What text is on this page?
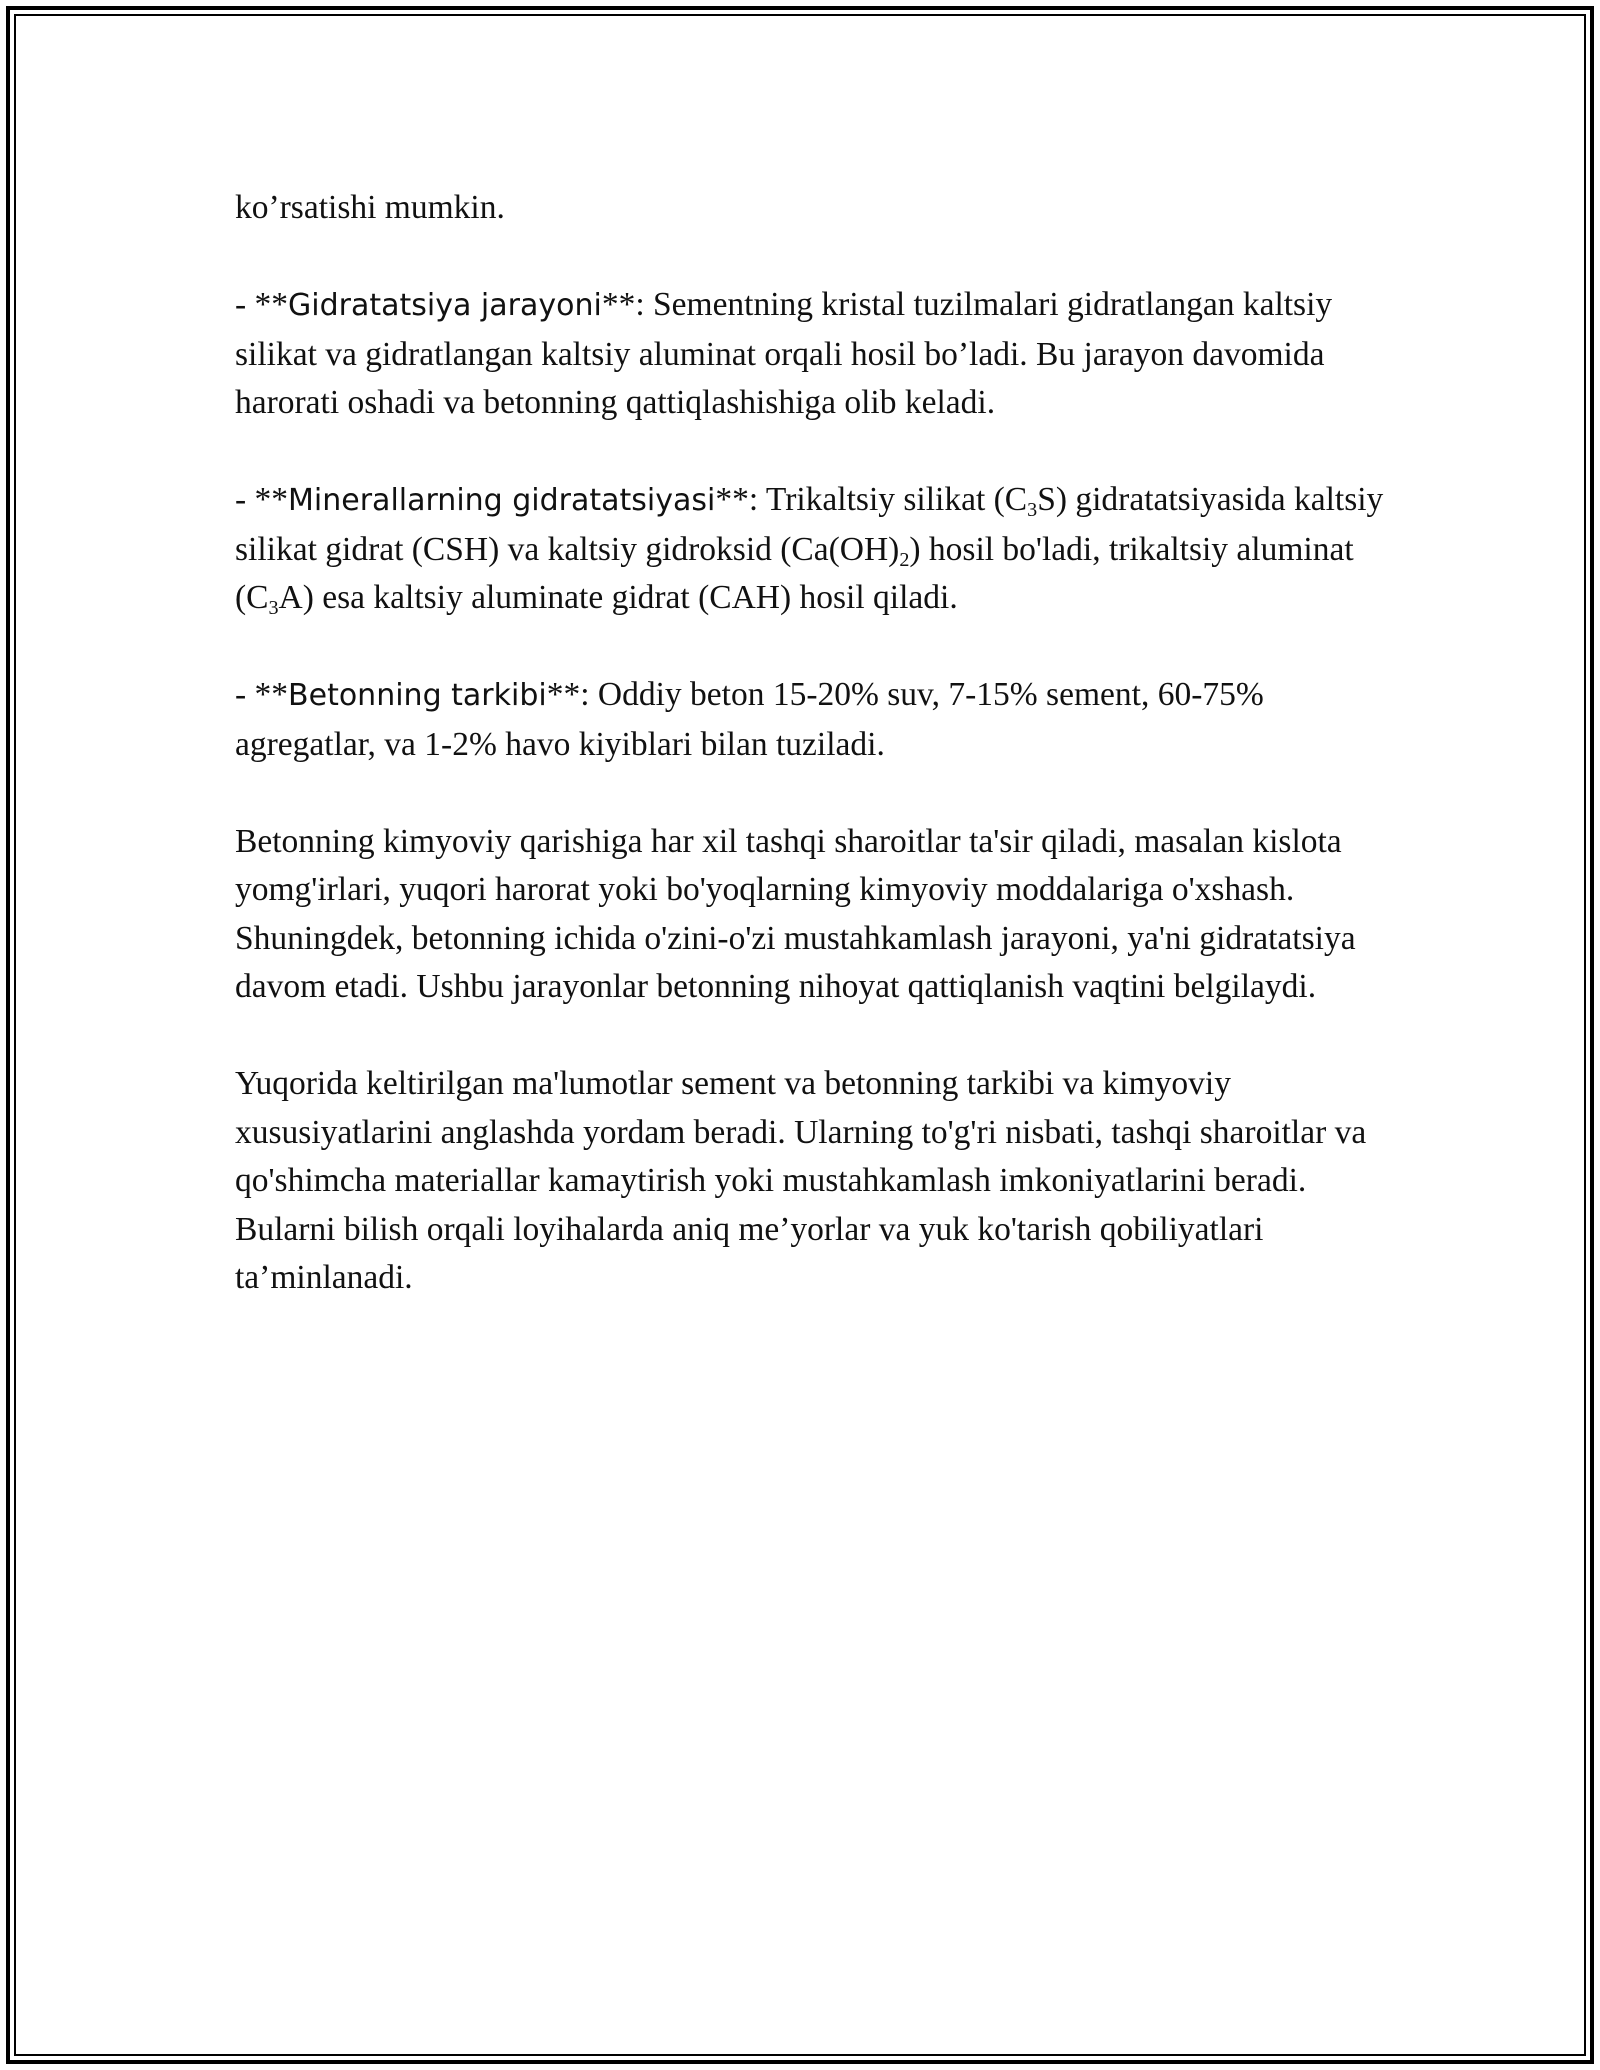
ko’rsatishi mumkin.

- **Gidratatsiya jarayoni**: Sementning kristal tuzilmalari gidratlangan kaltsiy silikat va gidratlangan kaltsiy aluminat orqali hosil bo’ladi. Bu jarayon davomida harorati oshadi va betonning qattiqlashishiga olib keladi.

- **Minerallarning gidratatsiyasi**: Trikaltsiy silikat $(C_3S)$ gidratatsiyasida kaltsiy silikat gidrat (CSH) va kaltsiy gidroksid $(Ca(OH)_2)$ hosil bo'ladi, trikaltsiy aluminat $(C_3A)$ esa kaltsiy aluminate gidrat (CAH) hosil qiladi.

- **Betonning tarkibi**: Oddiy beton 15-20% suv, 7-15% sement, 60-75% agregatlar, va 1-2% havo kiyiblari bilan tuziladi.

Betonning kimyoviy qarishiga har xil tashqi sharoitlar ta'sir qiladi, masalan kislota yomg'irlari, yuqori harorat yoki bo'yoqlarning kimyoviy moddalariga o'xshash. Shuningdek, betonning ichida o'zini-o'zi mustahkamlash jarayoni, ya'ni gidratatsiya davom etadi. Ushbu jarayonlar betonning nihoyat qattiqlanish vaqtini belgilaydi.

Yuqorida keltirilgan ma'lumotlar sement va betonning tarkibi va kimyoviy xususiyatlarini anglashda yordam beradi. Ularning to'g'ri nisbati, tashqi sharoitlar va qo'shimcha materiallar kamaytirish yoki mustahkamlash imkoniyatlarini beradi. Bularni bilish orqali loyihalarda aniq me’yorlar va yuk ko'tarish qobiliyatlari ta’minlanadi.
